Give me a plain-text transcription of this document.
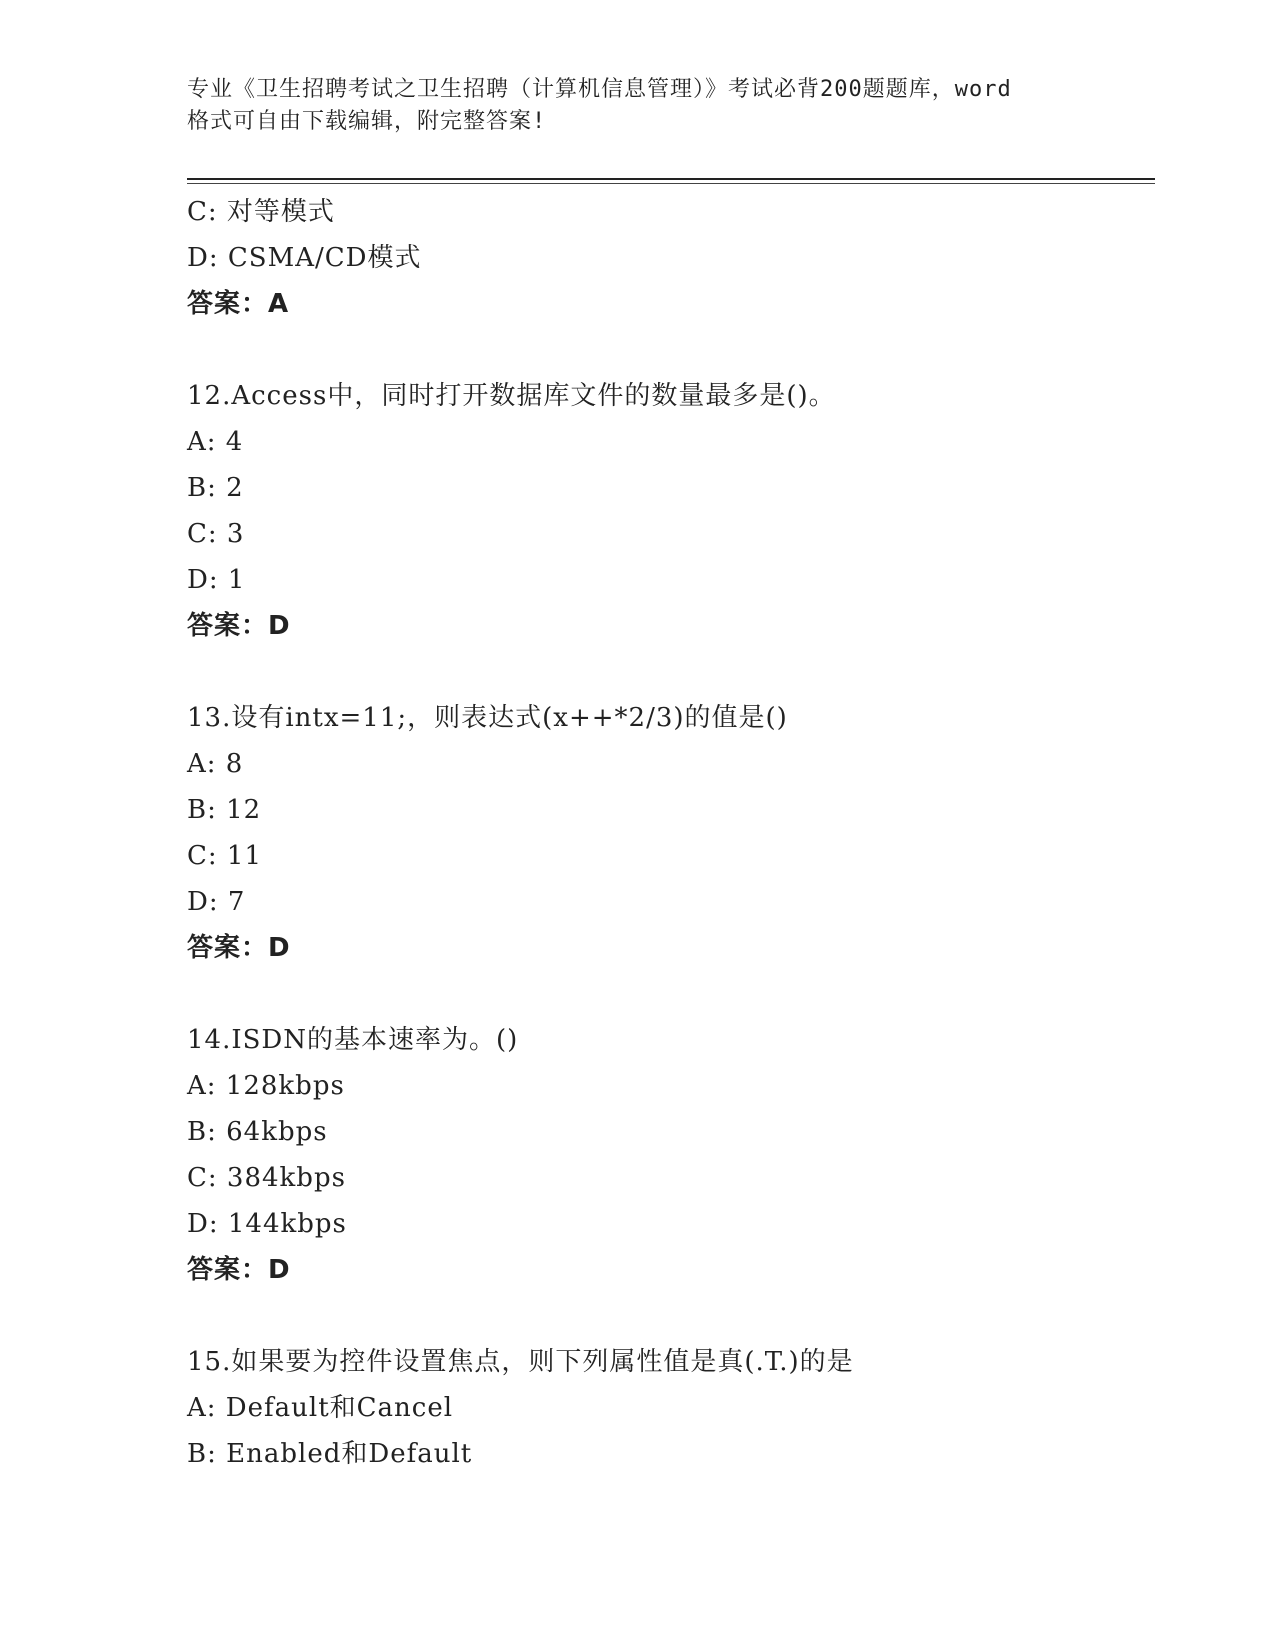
专业《卫生招聘考试之卫生招聘（计算机信息管理）》考试必背200题题库，word
格式可自由下载编辑，附完整答案!
C: 对等模式
D: CSMA/CD模式
答案：A
12.Access中，同时打开数据库文件的数量最多是()。
A: 4
B: 2
C: 3
D: 1
答案：D
13.设有intx=11;，则表达式(x++*2/3)的值是()
A: 8
B: 12
C: 11
D: 7
答案：D
14.ISDN的基本速率为。()
A: 128kbps
B: 64kbps
C: 384kbps
D: 144kbps
答案：D
15.如果要为控件设置焦点，则下列属性值是真(.T.)的是
A: Default和Cancel
B: Enabled和Default
